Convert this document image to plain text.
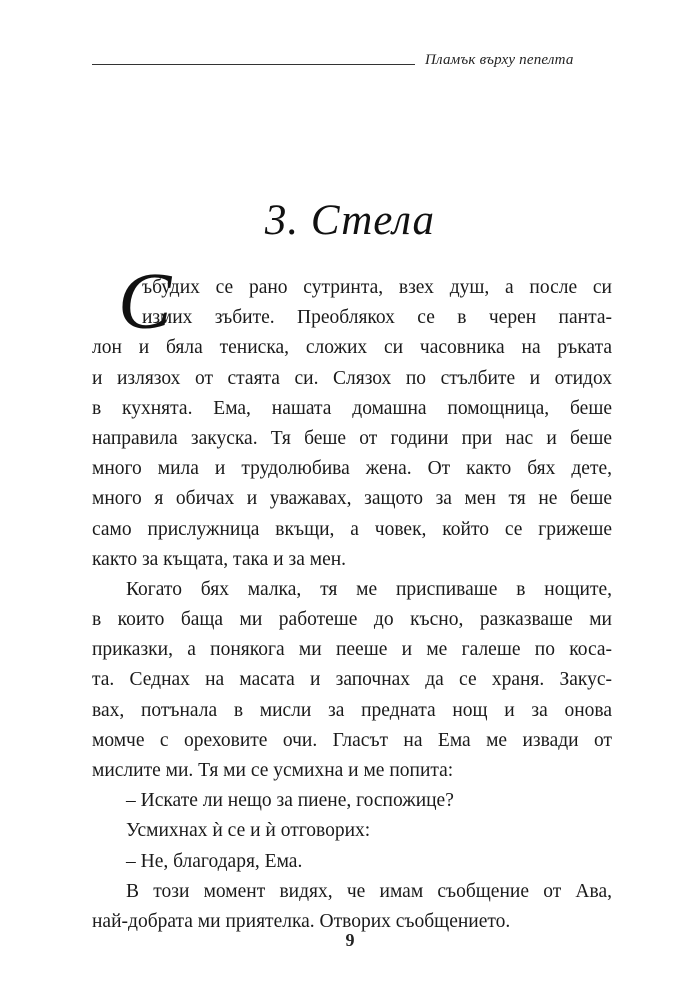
Пламък върху пепелта
3. Стела
С
ъбудих се рано сутринта, взех душ, а после си
измих зъбите. Преоблякох се в черен панта-
лон и бяла тениска, сложих си часовника на ръката
и излязох от стаята си. Слязох по стълбите и отидох
в кухнята. Ема, нашата домашна помощница, беше
направила закуска. Тя беше от години при нас и беше
много мила и трудолюбива жена. От както бях дете,
много я обичах и уважавах, защото за мен тя не беше
само прислужница вкъщи, а човек, който се грижеше
както за къщата, така и за мен.
Когато бях малка, тя ме приспиваше в нощите,
в които баща ми работеше до късно, разказваше ми
приказки, а понякога ми пееше и ме галеше по коса-
та. Седнах на масата и започнах да се храня. Закус-
вах, потънала в мисли за предната нощ и за онова
момче с ореховите очи. Гласът на Ема ме извади от
мислите ми. Тя ми се усмихна и ме попита:
– Искате ли нещо за пиене, госпожице?
Усмихнах ѝ се и ѝ отговорих:
– Не, благодаря, Ема.
В този момент видях, че имам съобщение от Ава,
най-добрата ми приятелка. Отворих съобщението.
9
